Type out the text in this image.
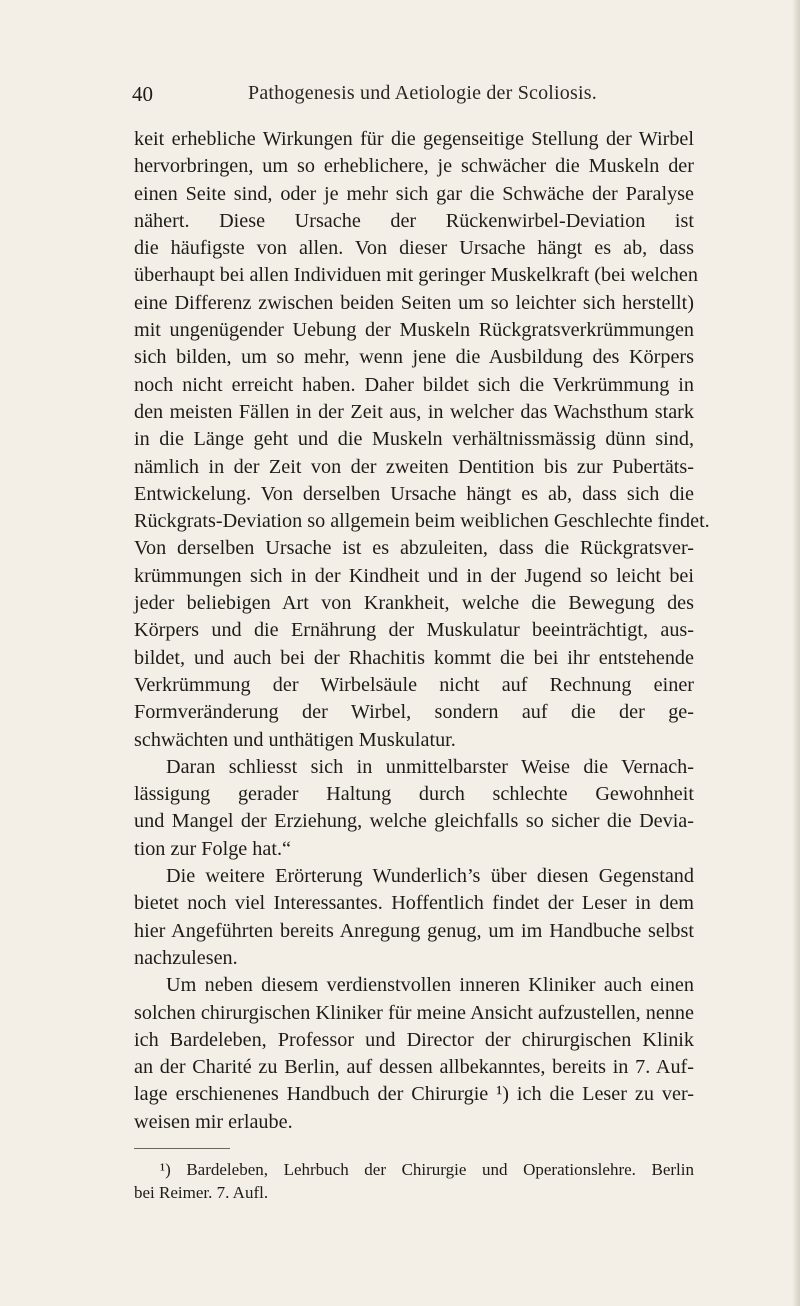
40	Pathogenesis und Aetiologie der Scoliosis.
keit erhebliche Wirkungen für die gegenseitige Stellung der Wirbel
hervorbringen, um so erheblichere, je schwächer die Muskeln der
einen Seite sind, oder je mehr sich gar die Schwäche der Paralyse
nähert. Diese Ursache der Rückenwirbel-Deviation ist
die häufigste von allen. Von dieser Ursache hängt es ab, dass
überhaupt bei allen Individuen mit geringer Muskelkraft (bei welchen
eine Differenz zwischen beiden Seiten um so leichter sich herstellt)
mit ungenügender Uebung der Muskeln Rückgratsverkrümmungen
sich bilden, um so mehr, wenn jene die Ausbildung des Körpers
noch nicht erreicht haben. Daher bildet sich die Verkrümmung in
den meisten Fällen in der Zeit aus, in welcher das Wachsthum stark
in die Länge geht und die Muskeln verhältnissmässig dünn sind,
nämlich in der Zeit von der zweiten Dentition bis zur Pubertäts-
Entwickelung. Von derselben Ursache hängt es ab, dass sich die
Rückgrats-Deviation so allgemein beim weiblichen Geschlechte findet.
Von derselben Ursache ist es abzuleiten, dass die Rückgratsver-
krümmungen sich in der Kindheit und in der Jugend so leicht bei
jeder beliebigen Art von Krankheit, welche die Bewegung des
Körpers und die Ernährung der Muskulatur beeinträchtigt, aus-
bildet, und auch bei der Rhachitis kommt die bei ihr entstehende
Verkrümmung der Wirbelsäule nicht auf Rechnung einer
Formveränderung der Wirbel, sondern auf die der ge-
schwächten und unthätigen Muskulatur.
Daran schliesst sich in unmittelbarster Weise die Vernach-
lässigung gerader Haltung durch schlechte Gewohnheit
und Mangel der Erziehung, welche gleichfalls so sicher die Devia-
tion zur Folge hat.“
Die weitere Erörterung Wunderlich’s über diesen Gegenstand
bietet noch viel Interessantes. Hoffentlich findet der Leser in dem
hier Angeführten bereits Anregung genug, um im Handbuche selbst
nachzulesen.
Um neben diesem verdienstvollen inneren Kliniker auch einen
solchen chirurgischen Kliniker für meine Ansicht aufzustellen, nenne
ich Bardeleben, Professor und Director der chirurgischen Klinik
an der Charité zu Berlin, auf dessen allbekanntes, bereits in 7. Auf-
lage erschienenes Handbuch der Chirurgie ¹) ich die Leser zu ver-
weisen mir erlaube.
¹) Bardeleben, Lehrbuch der Chirurgie und Operationslehre. Berlin
bei Reimer. 7. Aufl.
